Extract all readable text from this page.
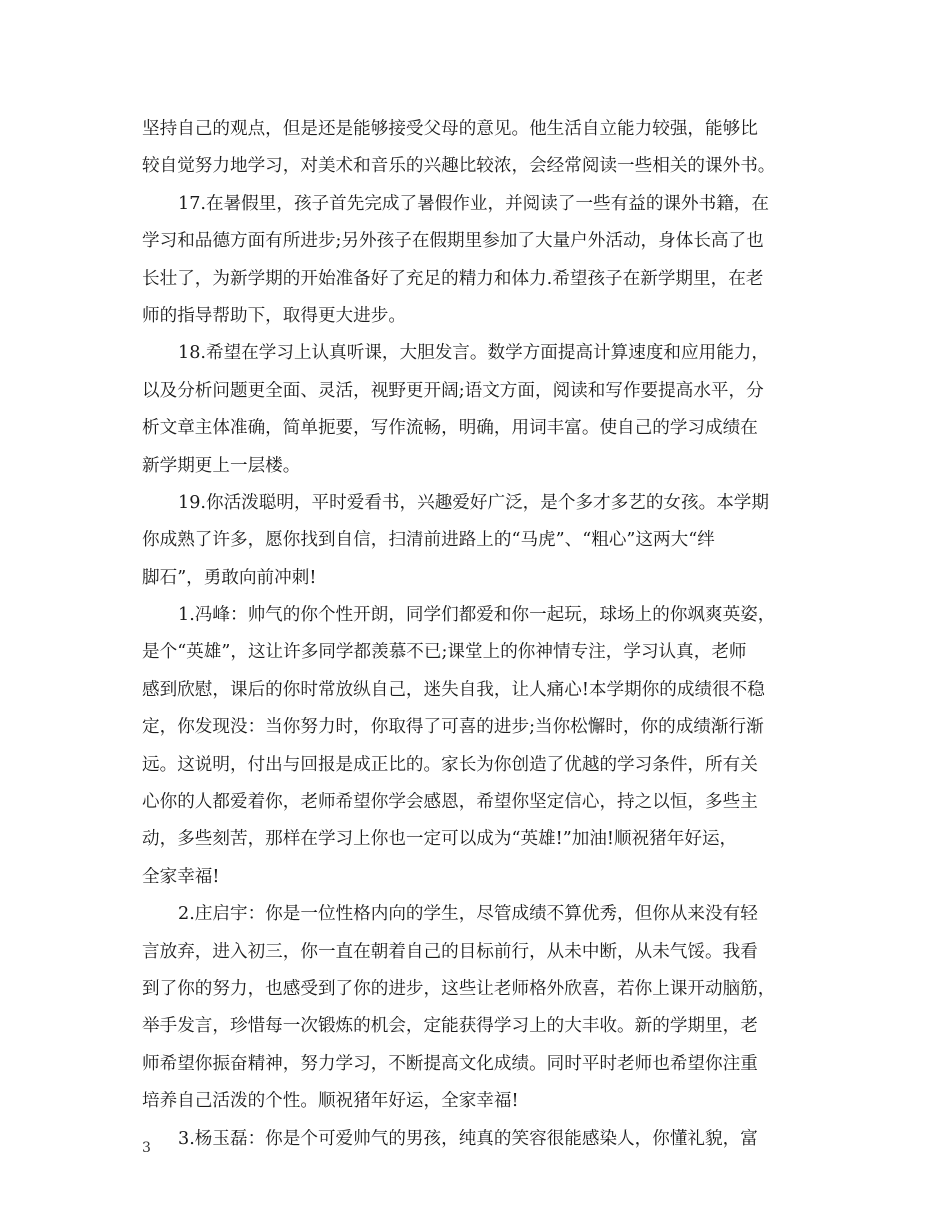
坚持自己的观点，但是还是能够接受父母的意见。他生活自立能力较强，能够比
较自觉努力地学习，对美术和音乐的兴趣比较浓，会经常阅读一些相关的课外书。
17.在暑假里，孩子首先完成了暑假作业，并阅读了一些有益的课外书籍，在
学习和品德方面有所进步;另外孩子在假期里参加了大量户外活动，身体长高了也
长壮了，为新学期的开始准备好了充足的精力和体力.希望孩子在新学期里，在老
师的指导帮助下，取得更大进步。
18.希望在学习上认真听课，大胆发言。数学方面提高计算速度和应用能力，
以及分析问题更全面、灵活，视野更开阔;语文方面，阅读和写作要提高水平，分
析文章主体准确，简单扼要，写作流畅，明确，用词丰富。使自己的学习成绩在
新学期更上一层楼。
19.你活泼聪明，平时爱看书，兴趣爱好广泛，是个多才多艺的女孩。本学期
你成熟了许多，愿你找到自信，扫清前进路上的“马虎”、“粗心”这两大“绊
脚石”，勇敢向前冲刺!
1.冯峰：帅气的你个性开朗，同学们都爱和你一起玩，球场上的你飒爽英姿，
是个“英雄”，这让许多同学都羡慕不已;课堂上的你神情专注，学习认真，老师
感到欣慰，课后的你时常放纵自己，迷失自我，让人痛心!本学期你的成绩很不稳
定，你发现没：当你努力时，你取得了可喜的进步;当你松懈时，你的成绩渐行渐
远。这说明，付出与回报是成正比的。家长为你创造了优越的学习条件，所有关
心你的人都爱着你，老师希望你学会感恩，希望你坚定信心，持之以恒，多些主
动，多些刻苦，那样在学习上你也一定可以成为“英雄!”加油!顺祝猪年好运，
全家幸福!
2.庄启宇：你是一位性格内向的学生，尽管成绩不算优秀，但你从来没有轻
言放弃，进入初三，你一直在朝着自己的目标前行，从未中断，从未气馁。我看
到了你的努力，也感受到了你的进步，这些让老师格外欣喜，若你上课开动脑筋，
举手发言，珍惜每一次锻炼的机会，定能获得学习上的大丰收。新的学期里，老
师希望你振奋精神，努力学习，不断提高文化成绩。同时平时老师也希望你注重
培养自己活泼的个性。顺祝猪年好运，全家幸福!
3.杨玉磊：你是个可爱帅气的男孩，纯真的笑容很能感染人，你懂礼貌，富
3
